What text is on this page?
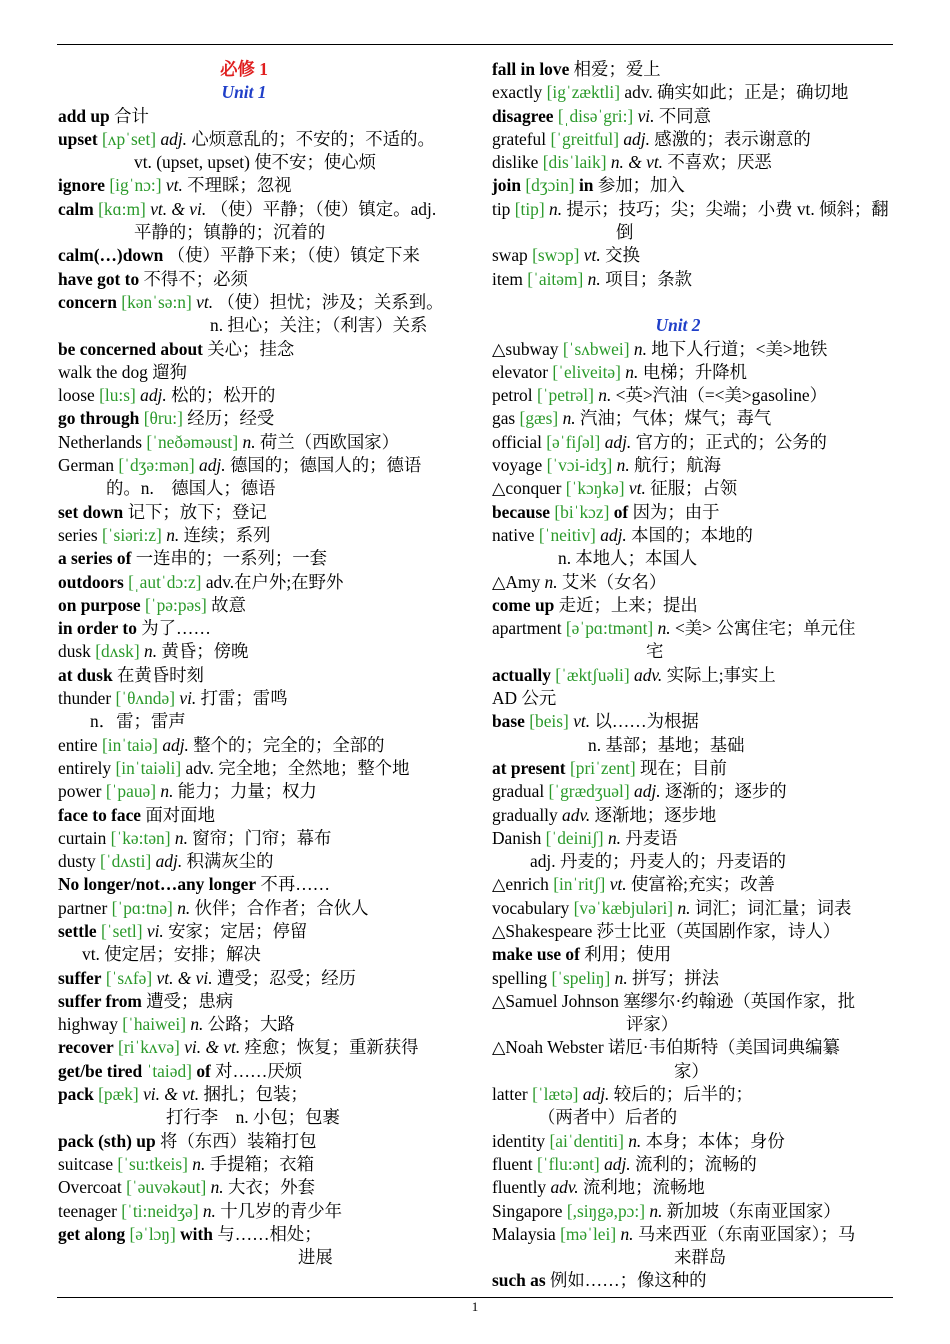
必修 1
Unit 1
add up 合计
upset [ʌpˈset] adj. 心烦意乱的；不安的；不适的。
vt. (upset, upset) 使不安；使心烦
ignore [igˈnɔ:] vt. 不理睬；忽视
calm [kɑ:m] vt. & vi. （使）平静；（使）镇定。adj.
平静的；镇静的；沉着的
calm(…)down （使）平静下来；（使）镇定下来
have got to 不得不；必须
concern [kənˈsə:n] vt. （使）担忧；涉及；关系到。
n. 担心；关注；（利害）关系
be concerned about 关心；挂念
walk the dog 遛狗
loose [lu:s] adj. 松的；松开的
go through [θru:] 经历；经受
Netherlands [ˈneðəməust] n. 荷兰（西欧国家）
German [ˈdʒə:mən] adj. 德国的；德国人的；德语
的。n.　德国人；德语
set down 记下；放下；登记
series [ˈsiəri:z] n. 连续；系列
a series of 一连串的；一系列；一套
outdoors [ˌautˈdɔ:z] adv.在户外;在野外
on purpose [ˈpə:pəs] 故意
in order to 为了……
dusk [dʌsk] n. 黄昏；傍晚
at dusk 在黄昏时刻
thunder [ˈθʌndə] vi. 打雷；雷鸣
n．雷；雷声
entire [inˈtaiə] adj. 整个的；完全的；全部的
entirely [inˈtaiəli] adv. 完全地；全然地；整个地
power [ˈpauə] n. 能力；力量；权力
face to face 面对面地
curtain [ˈkə:tən] n. 窗帘；门帘；幕布
dusty [ˈdʌsti] adj. 积满灰尘的
No longer/not…any longer 不再……
partner [ˈpɑ:tnə] n. 伙伴；合作者；合伙人
settle [ˈsetl] vi. 安家；定居；停留
vt. 使定居；安排；解决
suffer [ˈsʌfə] vt. & vi. 遭受；忍受；经历
suffer from 遭受；患病
highway [ˈhaiwei] n. 公路；大路
recover [riˈkʌvə] vi. & vt. 痊愈；恢复；重新获得
get/be tired ˈtaiəd] of 对……厌烦
pack [pæk] vi. & vt. 捆扎；包装；
打行李　n. 小包；包裹
pack (sth) up 将（东西）装箱打包
suitcase [ˈsu:tkeis] n. 手提箱；衣箱
Overcoat [ˈəuvəkəut] n. 大衣；外套
teenager [ˈti:neidʒə] n. 十几岁的青少年
get along [əˈlɔŋ] with 与……相处；
进展
fall in love 相爱；爱上
exactly [igˈzæktli] adv. 确实如此；正是；确切地
disagree [ˌdisəˈgri:] vi. 不同意
grateful [ˈgreitful] adj. 感激的；表示谢意的
dislike [disˈlaik] n. & vt. 不喜欢；厌恶
join [dʒɔin] in 参加；加入
tip [tip] n. 提示；技巧；尖；尖端；小费 vt. 倾斜；翻
倒
swap [swɔp] vt. 交换
item [ˈaitəm] n. 项目；条款
Unit 2
△subway [ˈsʌbwei] n. 地下人行道；<美>地铁
elevator [ˈeliveitə] n. 电梯；升降机
petrol [ˈpetrəl] n. <英>汽油（=<美>gasoline）
gas [gæs] n. 汽油；气体；煤气；毒气
official [əˈfiʃəl] adj. 官方的；正式的；公务的
voyage [ˈvɔi-idʒ] n. 航行；航海
△conquer [ˈkɔŋkə] vt. 征服；占领
because [biˈkɔz] of 因为；由于
native [ˈneitiv] adj. 本国的；本地的
n. 本地人；本国人
△Amy n. 艾米（女名）
come up 走近；上来；提出
apartment [əˈpɑ:tmənt] n. <美> 公寓住宅；单元住
宅
actually [ˈæktʃuəli] adv. 实际上;事实上
AD 公元
base [beis] vt. 以……为根据
n. 基部；基地；基础
at present [priˈzent] 现在；目前
gradual [ˈgrædʒuəl] adj. 逐渐的；逐步的
gradually adv. 逐渐地；逐步地
Danish [ˈdeiniʃ] n. 丹麦语
adj. 丹麦的；丹麦人的；丹麦语的
△enrich [inˈritʃ] vt. 使富裕;充实；改善
vocabulary [vəˈkæbjuləri] n. 词汇；词汇量；词表
△Shakespeare 莎士比亚（英国剧作家，诗人）
make use of 利用；使用
spelling [ˈspeliŋ] n. 拼写；拼法
△Samuel Johnson 塞缪尔·约翰逊（英国作家，批
评家）
△Noah Webster 诺厄·韦伯斯特（美国词典编纂
家）
latter [ˈlætə] adj. 较后的；后半的；
（两者中）后者的
identity [aiˈdentiti] n. 本身；本体；身份
fluent [ˈflu:ənt] adj. 流利的；流畅的
fluently adv. 流利地；流畅地
Singapore [,siŋgə,pɔ:] n. 新加坡（东南亚国家）
Malaysia [məˈlei] n. 马来西亚（东南亚国家）；马
来群岛
such as 例如……；像这种的
1
